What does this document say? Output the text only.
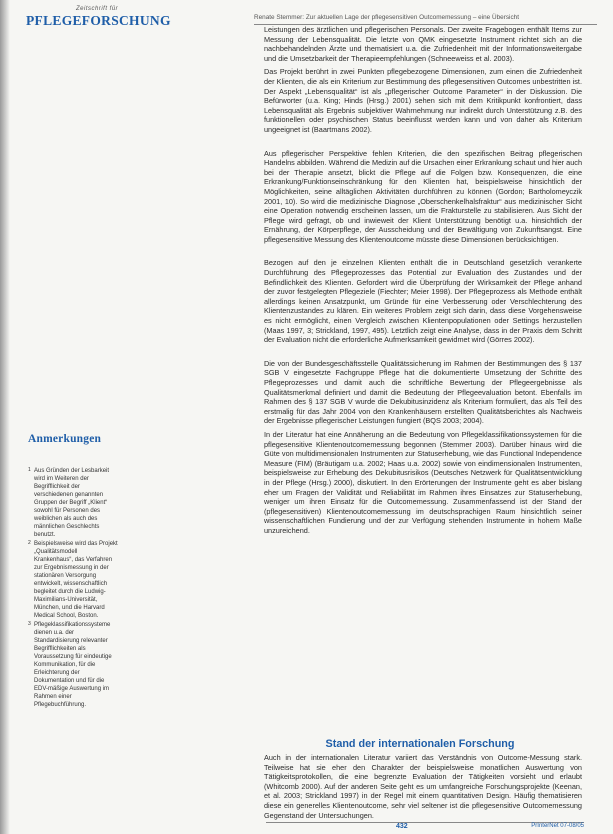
Zeitschrift für
PFLEGEFORSCHUNG	Renate Stemmer: Zur aktuellen Lage der pflegesensitiven Outcomemessung – eine Übersicht

Leistungen des ärztlichen und pflegerischen Personals. Der zweite Fragebogen enthält Items zur Messung der Lebensqualität. Die letzte von QMK eingesetzte Instrument richtet sich an die nachbehandelnden Ärzte und thematisiert u.a. die Zufriedenheit mit der Informationsweitergabe und die Umsetzbarkeit der Therapieempfehlungen (Schneeweiss et al. 2003).

Das Projekt berührt in zwei Punkten pflegebezogene Dimensionen, zum einen die Zufriedenheit der Klienten, die als ein Kriterium zur Bestimmung des pflegesensitiven Outcomes unbestritten ist. Der Aspekt „Lebensqualität“ ist als „pflegerischer Outcome Parameter“ in der Diskussion. Die Befürworter (u.a. King; Hinds (Hrsg.) 2001) sehen sich mit dem Kritikpunkt konfrontiert, dass Lebensqualität als Ergebnis subjektiver Wahrnehmung nur indirekt durch Unterstützung z.B. des funktionellen oder psychischen Status beeinflusst werden kann und von daher als Kriterium ungeeignet ist (Baartmans 2002).

Aus pflegerischer Perspektive fehlen Kriterien, die den spezifischen Beitrag pflegerischen Handelns abbilden. Während die Medizin auf die Ursachen einer Erkrankung schaut und hier auch bei der Therapie ansetzt, blickt die Pflege auf die Folgen bzw. Konsequenzen, die eine Erkrankung/Funktionseinschränkung für den Klienten hat, beispielsweise hinsichtlich der Möglichkeiten, seine alltäglichen Aktivitäten durchführen zu können (Gordon; Bartholomeyczik 2001, 10). So wird die medizinische Diagnose „Oberschenkelhalsfraktur“ aus medizinischer Sicht eine Operation notwendig erscheinen lassen, um die Frakturstelle zu stabilisieren. Aus Sicht der Pflege wird gefragt, ob und inwieweit der Klient Unterstützung benötigt u.a. hinsichtlich der Ernährung, der Körperpflege, der Ausscheidung und der Bewältigung von Zukunftsangst. Eine pflegesensitive Messung des Klientenoutcome müsste diese Dimensionen berücksichtigen.

Bezogen auf den je einzelnen Klienten enthält die in Deutschland gesetzlich verankerte Durchführung des Pflegeprozesses das Potential zur Evaluation des Zustandes und der Befindlichkeit des Klienten. Gefordert wird die Überprüfung der Wirksamkeit der Pflege anhand der zuvor festgelegten Pflegeziele (Fiechter; Meier 1998). Der Pflegeprozess als Methode enthält allerdings keinen Ansatzpunkt, um Gründe für eine Verbesserung oder Verschlechterung des Klientenzustandes zu klären. Ein weiteres Problem zeigt sich darin, dass diese Vorgehensweise es nicht ermöglicht, einen Vergleich zwischen Klientenpopulationen oder Settings herzustellen (Maas 1997, 3; Strickland, 1997, 495). Letztlich zeigt eine Analyse, dass in der Praxis dem Schritt der Evaluation nicht die erforderliche Aufmerksamkeit gewidmet wird (Görres 2002).

Die von der Bundesgeschäftsstelle Qualitätssicherung im Rahmen der Bestimmungen des § 137 SGB V eingesetzte Fachgruppe Pflege hat die dokumentierte Umsetzung der Schritte des Pflegeprozesses und damit auch die schriftliche Bewertung der Pflegeergebnisse als Qualitätsmerkmal definiert und damit die Bedeutung der Pflegeevaluation betont. Ebenfalls im Rahmen des § 137 SGB V wurde die Dekubitusinzidenz als Kriterium formuliert, das als Teil des erstmalig für das Jahr 2004 von den Krankenhäusern erstellten Qualitätsberichtes als Nachweis der Ergebnisse pflegerischer Leistungen fungiert (BQS 2003; 2004).

In der Literatur hat eine Annäherung an die Bedeutung von Pflegeklassifikationssystemen für die pflegesensitive Klientenoutcomemessung begonnen (Stemmer 2003). Darüber hinaus wird die Güte von multidimensionalen Instrumenten zur Statuserhebung, wie das Functional Independence Measure (FIM) (Bräutigam u.a. 2002; Haas u.a. 2002) sowie von eindimensionalen Instrumenten, beispielsweise zur Erhebung des Dekubitusrisikos (Deutsches Netzwerk für Qualitätsentwicklung in der Pflege (Hrsg.) 2000), diskutiert. In den Erörterungen der Instrumente geht es aber bislang eher um Fragen der Validität und Reliabilität im Rahmen ihres Einsatzes zur Statuserhebung, weniger um ihren Einsatz für die Outcomemessung. Zusammenfassend ist der Stand der (pflegesensitiven) Klientenoutcomemessung im deutschsprachigen Raum hinsichtlich seiner wissenschaftlichen Fundierung und der zur Verfügung stehenden Instrumente in hohem Maße unzureichend.

Stand der internationalen Forschung
Auch in der internationalen Literatur variiert das Verständnis von Outcome-Messung stark. Teilweise hat sie eher den Charakter der beispielsweise monatlichen Auswertung von Tätigkeitsprotokollen, die eine begrenzte Evaluation der Tätigkeiten vorsieht und erlaubt (Whitcomb 2000). Auf der anderen Seite geht es um umfangreiche Forschungsprojekte (Keenan, et al. 2003; Strickland 1997) in der Regel mit einem quantitativen Design. Häufig thematisieren diese ein generelles Klientenoutcome, sehr viel seltener ist die pflegesensitive Outcomemessung Gegenstand der Untersuchungen.
Anmerkungen
1 Aus Gründen der Lesbarkeit wird im Weiteren der Begrifflichkeit der verschiedenen genannten Gruppen der Begriff „Klient“ sowohl für Personen des weiblichen als auch des männlichen Geschlechts benutzt.
2 Beispielsweise wird das Projekt „Qualitätsmodell Krankenhaus“, das Verfahren zur Ergebnismessung in der stationären Versorgung entwickelt, wissenschaftlich begleitet durch die Ludwig-Maximilians-Universität, München, und die Harvard Medical School, Boston.
3 Pflegeklassifikationssysteme dienen u.a. der Standardisierung relevanter Begrifflichkeiten als Voraussetzung für eindeutige Kommunikation, für die Erleichterung der Dokumentation und für die EDV-mäßige Auswertung im Rahmen einer Pflegebuchführung.
432	PrInterNet 07-08/05
